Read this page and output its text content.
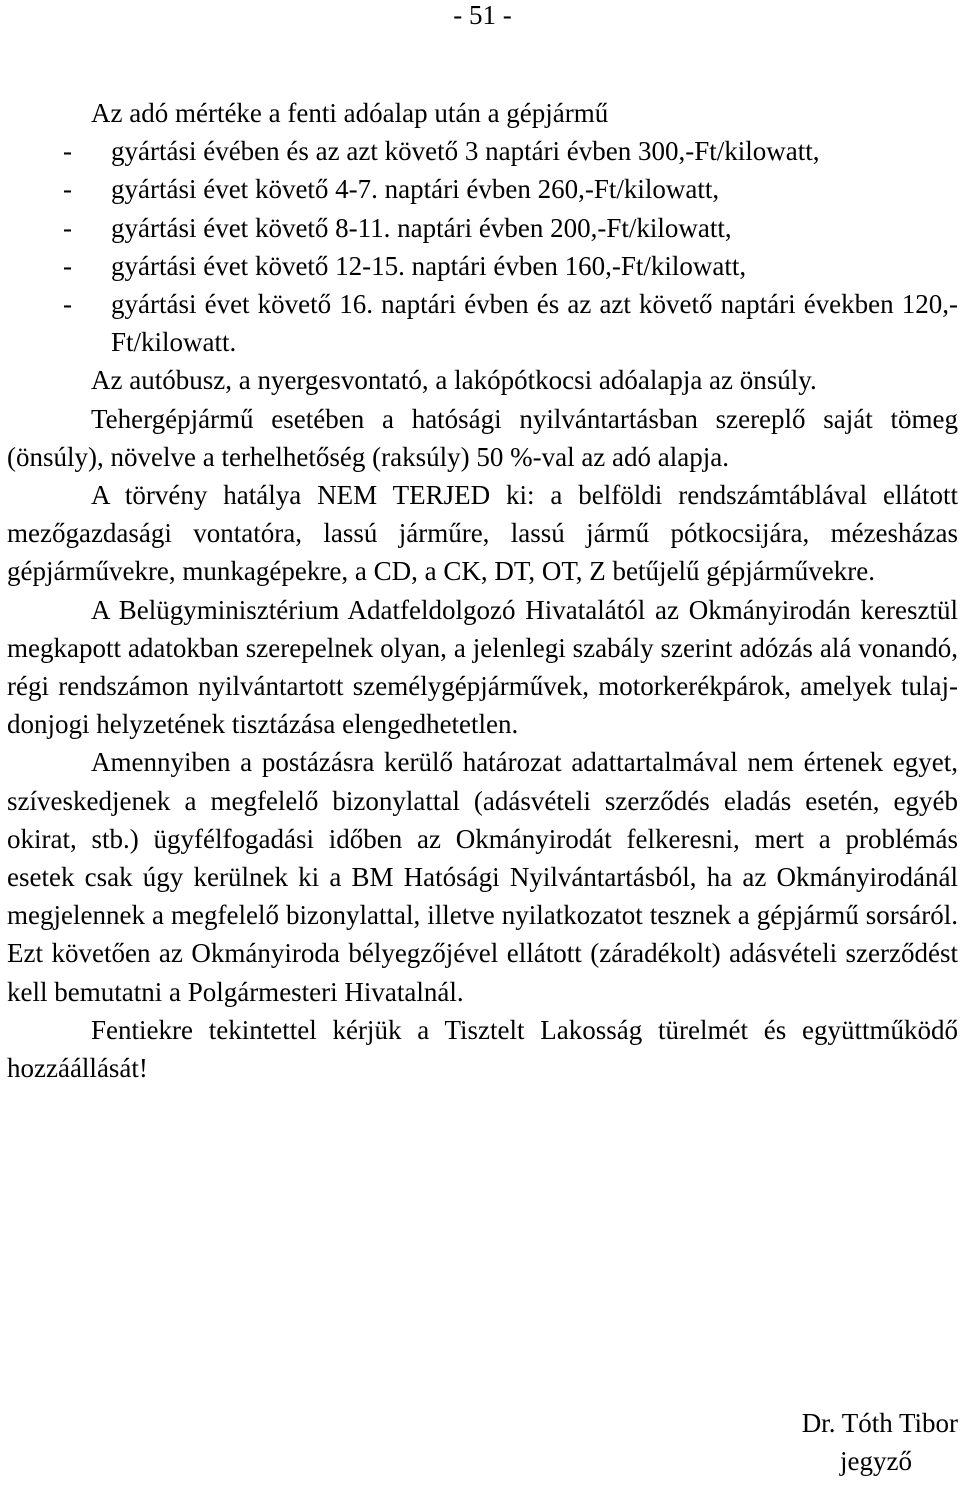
- 51 -

Az adó mértéke a fenti adóalap után a gépjármű

- gyártási évében és az azt követő 3 naptári évben 300,-Ft/kilowatt,
- gyártási évet követő 4-7. naptári évben 260,-Ft/kilowatt,
- gyártási évet követő 8-11. naptári évben 200,-Ft/kilowatt,
- gyártási évet követő 12-15. naptári évben 160,-Ft/kilowatt,
- gyártási évet követő 16. naptári évben és az azt követő naptári években 120,-Ft/kilowatt.

Az autóbusz, a nyergesvontató, a lakópótkocsi adóalapja az önsúly.

Tehergépjármű esetében a hatósági nyilvántartásban szereplő saját tömeg (önsúly), növelve a terhelhetőség (raksúly) 50 %-val az adó alapja.

A törvény hatálya NEM TERJED ki: a belföldi rendszámtáblával ellátott mezőgazdasági vontatóra, lassú járműre, lassú jármű pótkocsijára, mézesházas gépjárművekre, munkagépekre, a CD, a CK, DT, OT, Z betűjelű gépjárművekre.

A Belügyminisztérium Adatfeldolgozó Hivatalától az Okmányirodán keresztül megkapott adatokban szerepelnek olyan, a jelenlegi szabály szerint adózás alá vonandó, régi rendszámon nyilvántartott személygépjárművek, motorkerékpárok, amelyek tulajdonjogi helyzetének tisztázása elengedhetetlen.

Amennyiben a postázásra kerülő határozat adattartalmával nem értenek egyet, szíveskedjenek a megfelelő bizonylattal (adásvételi szerződés eladás esetén, egyéb okirat, stb.) ügyfélfogadási időben az Okmányirodát felkeresni, mert a problémás esetek csak úgy kerülnek ki a BM Hatósági Nyilvántartásból, ha az Okmányirodánál megjelennek a megfelelő bizonylattal, illetve nyilatkozatot tesznek a gépjármű sorsáról. Ezt követően az Okmányiroda bélyegzőjével ellátott (záradékolt) adásvételi szerződést kell bemutatni a Polgármesteri Hivatalnál.

Fentiekre tekintettel kérjük a Tisztelt Lakosság türelmét és együttműködő hozzáállását!

Dr. Tóth Tibor
jegyző
